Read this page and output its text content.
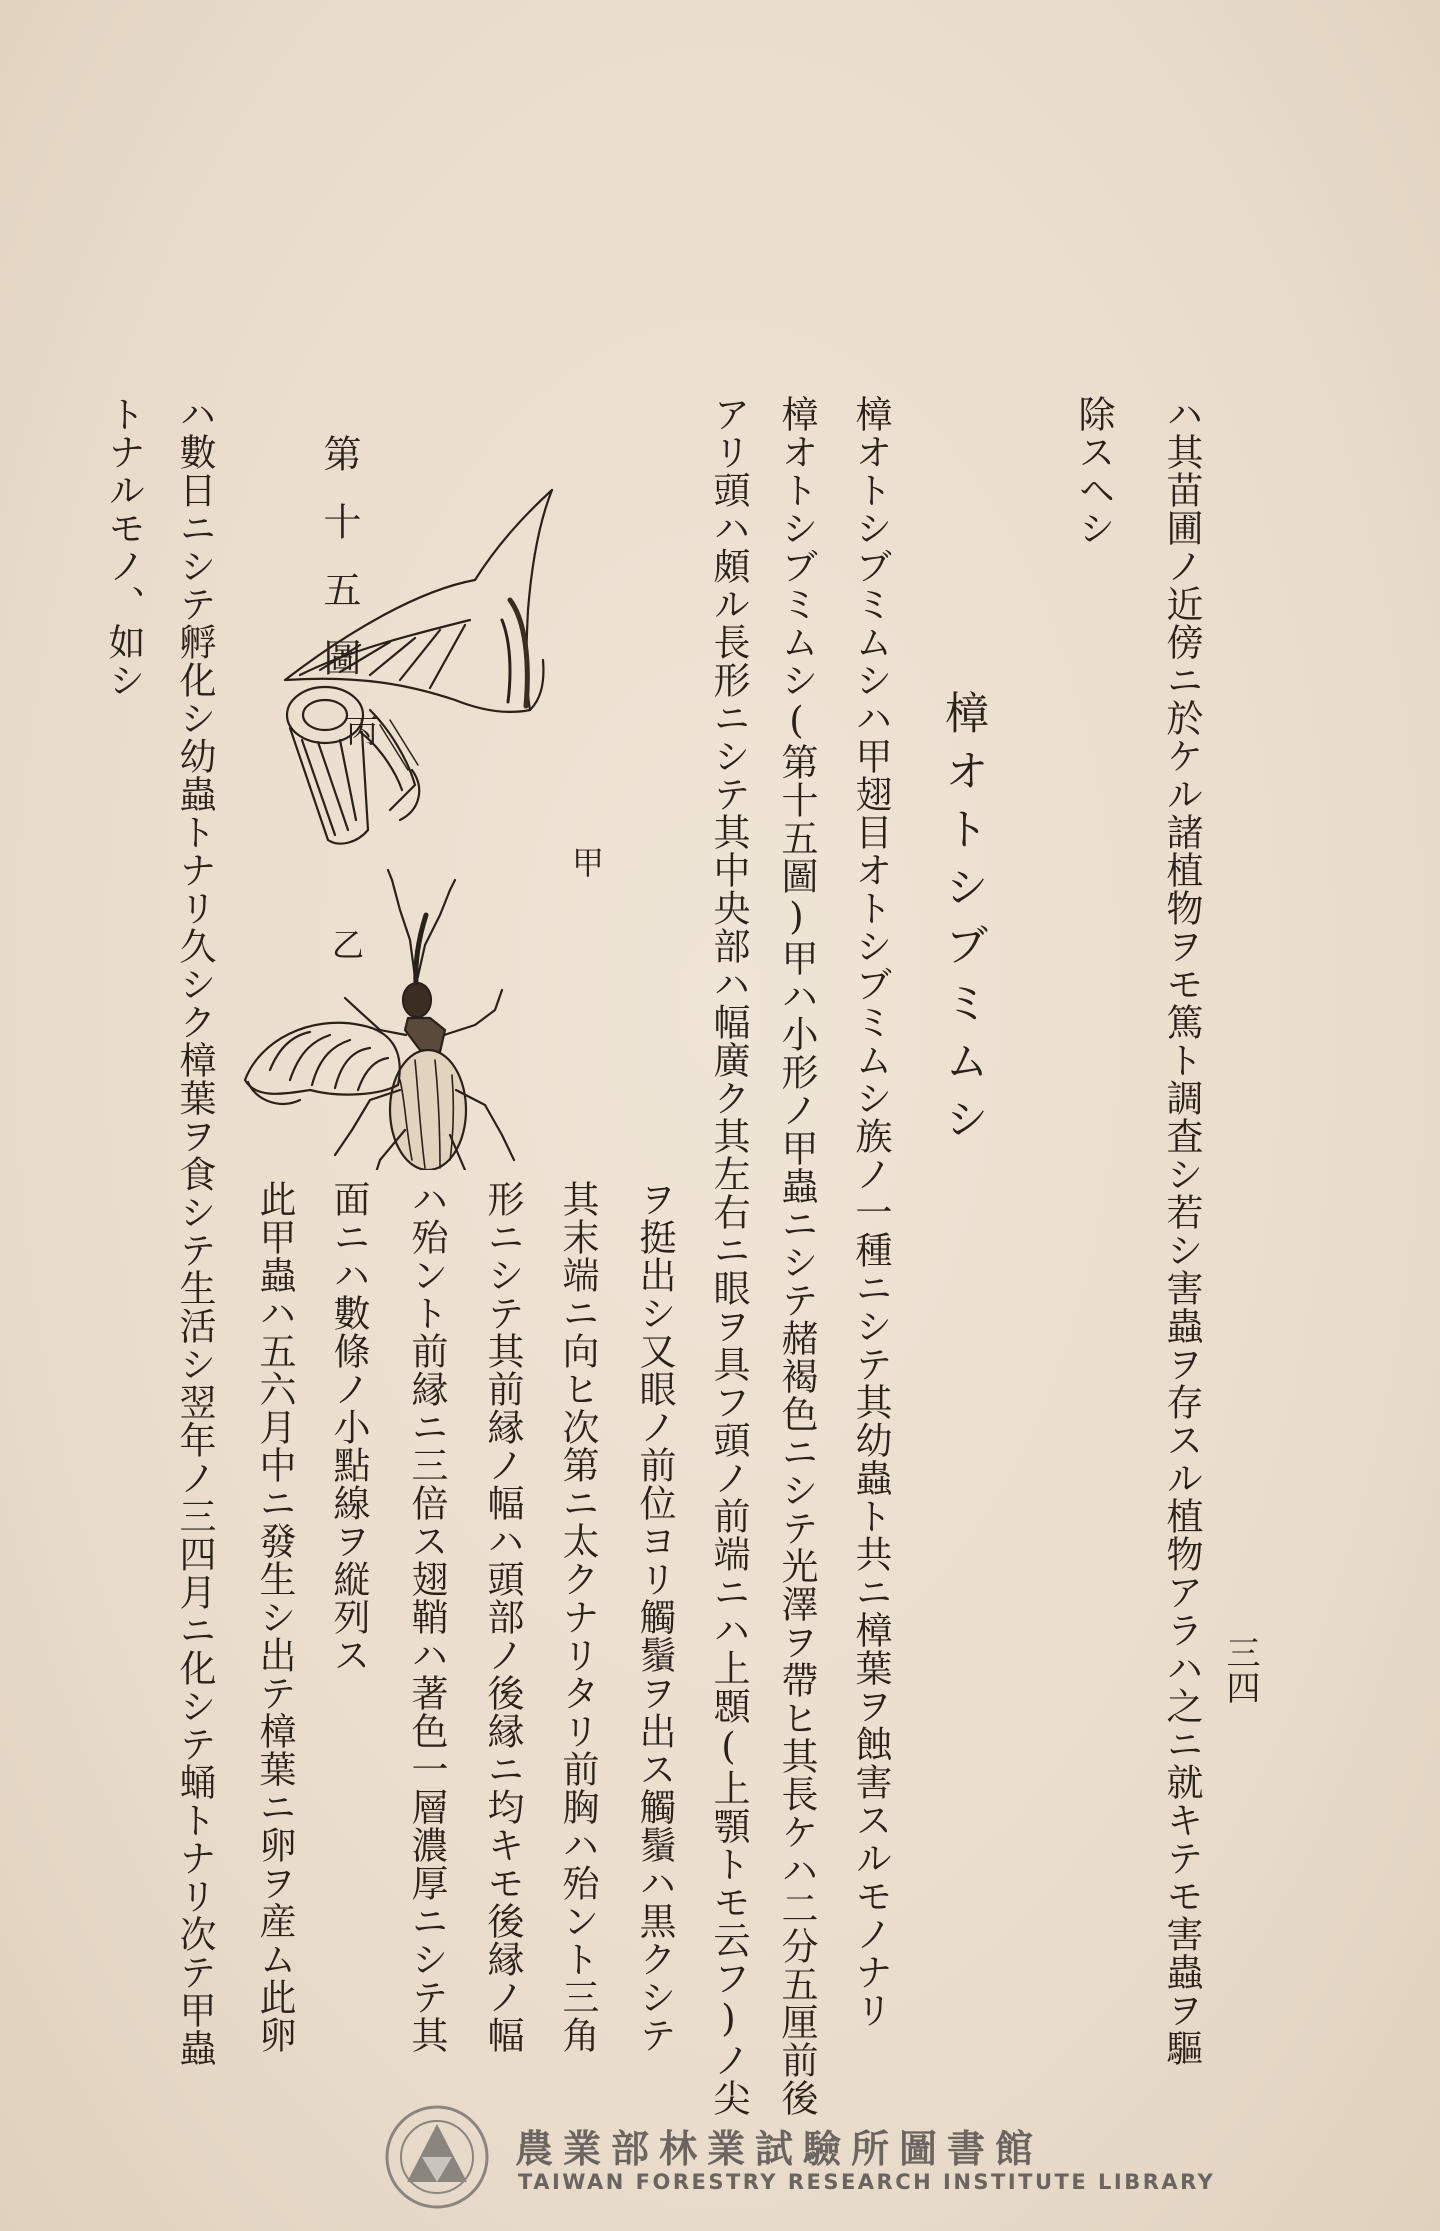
三四
ハ其苗圃ノ近傍ニ於ケル諸植物ヲモ篤ト調査シ若シ害蟲ヲ存スル植物アラハ之ニ就キテモ害蟲ヲ驅
除スヘシ
樟オトシブミムシ
樟オトシブミムシハ甲翅目オトシブミムシ族ノ一種ニシテ其幼蟲ト共ニ樟葉ヲ蝕害スルモノナリ
樟オトシブミムシ(第十五圖)甲ハ小形ノ甲蟲ニシテ赭褐色ニシテ光澤ヲ帶ヒ其長ケハ二分五厘前後
アリ頭ハ頗ル長形ニシテ其中央部ハ幅廣ク其左右ニ眼ヲ具フ頭ノ前端ニハ上顋(上顎トモ云フ)ノ尖
ヲ挺出シ又眼ノ前位ヨリ觸鬚ヲ出ス觸鬚ハ黒クシテ
其末端ニ向ヒ次第ニ太クナリタリ前胸ハ殆ント三角
形ニシテ其前縁ノ幅ハ頭部ノ後縁ニ均キモ後縁ノ幅
ハ殆ント前縁ニ三倍ス翅鞘ハ著色一層濃厚ニシテ其
面ニハ數條ノ小點線ヲ縦列ス
此甲蟲ハ五六月中ニ發生シ出テ樟葉ニ卵ヲ産ム此卵
ハ數日ニシテ孵化シ幼蟲トナリ久シク樟葉ヲ食シテ生活シ翌年ノ三四月ニ化シテ蛹トナリ次テ甲蟲
トナルモノ、如シ	第十五圖
甲
乙
丙
農業部林業試驗所圖書館
TAIWAN FORESTRY RESEARCH INSTITUTE LIBRARY
